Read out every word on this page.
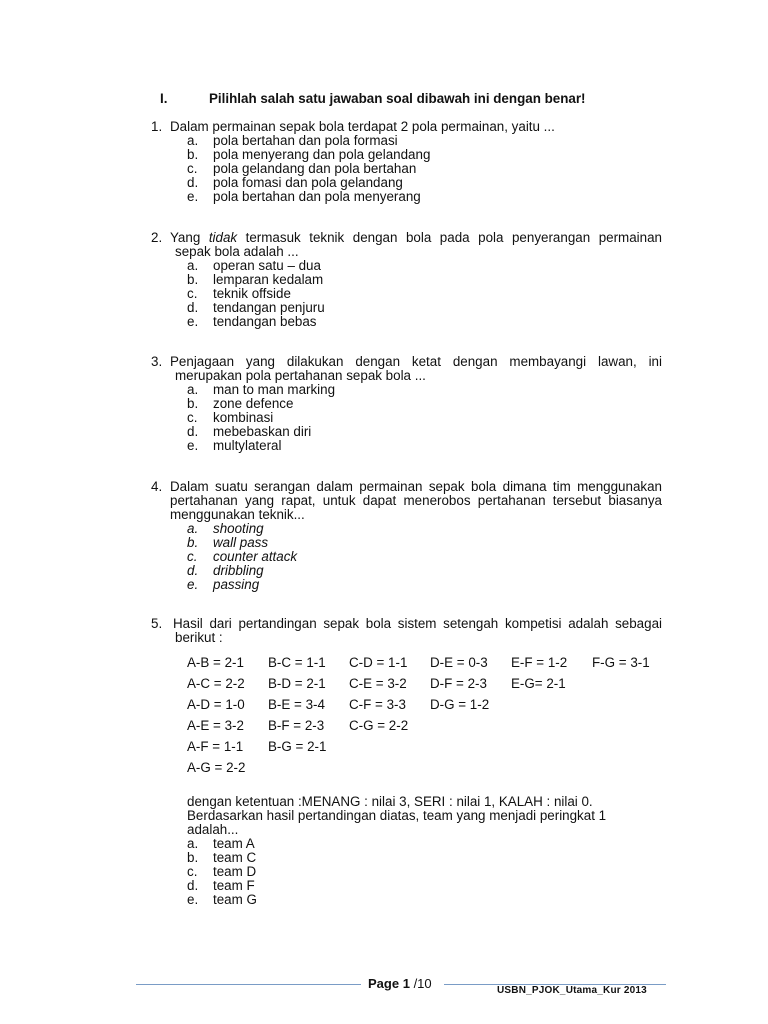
I.	Pilihlah salah satu jawaban soal dibawah ini dengan benar!
1. Dalam permainan sepak bola terdapat 2 pola permainan, yaitu ...
a.	pola bertahan dan pola formasi
b.	pola menyerang dan pola gelandang
c.	pola gelandang dan pola bertahan
d.	pola fomasi dan pola gelandang
e.	pola bertahan dan pola menyerang
2. Yang tidak termasuk teknik dengan bola pada pola penyerangan permainan
sepak bola adalah ...
a.	operan satu – dua
b.	lemparan kedalam
c.	teknik offside
d.	tendangan penjuru
e.	tendangan bebas
3. Penjagaan yang dilakukan dengan ketat dengan membayangi lawan, ini
merupakan pola pertahanan sepak bola ...
a.	man to man marking
b.	zone defence
c.	kombinasi
d.	mebebaskan diri
e.	multylateral
4. Dalam suatu serangan dalam permainan sepak bola dimana tim menggunakan pertahanan yang rapat, untuk dapat menerobos pertahanan tersebut biasanya menggunakan teknik...
a.	shooting
b.	wall pass
c.	counter attack
d.	dribbling
e.	passing
5. Hasil dari pertandingan sepak bola sistem setengah kompetisi adalah sebagai
berikut :
A-B = 2-1	B-C = 1-1	C-D = 1-1	D-E = 0-3	E-F = 1-2	F-G = 3-1
A-C = 2-2	B-D = 2-1	C-E = 3-2	D-F = 2-3	E-G= 2-1
A-D = 1-0	B-E = 3-4	C-F = 3-3	D-G = 1-2
A-E = 3-2	B-F = 2-3	C-G = 2-2
A-F = 1-1	B-G = 2-1
A-G = 2-2
dengan ketentuan :MENANG : nilai 3, SERI : nilai 1, KALAH : nilai 0.
Berdasarkan hasil pertandingan diatas, team yang menjadi peringkat 1
adalah...
a.	team A
b.	team C
c.	team D
d.	team F
e.	team G
Page 1 /10	USBN_PJOK_Utama_Kur 2013
